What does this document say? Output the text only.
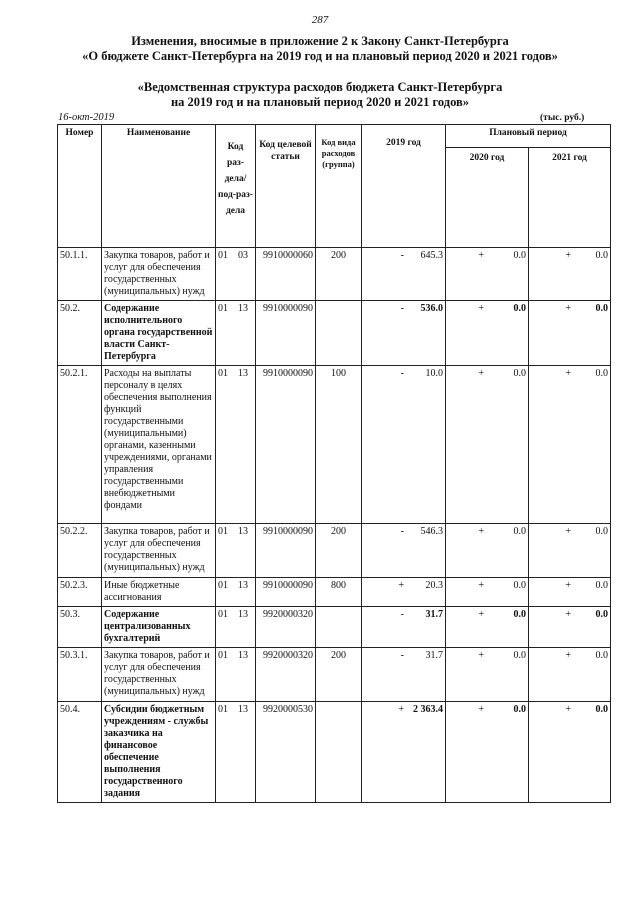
287
Изменения, вносимые в приложение 2 к Закону Санкт-Петербурга
«О бюджете Санкт-Петербурга на 2019 год и на плановый период 2020 и 2021 годов»
«Ведомственная структура расходов бюджета Санкт-Петербурга
на 2019 год и на плановый период 2020 и 2021 годов»
16-окт-2019	(тыс. руб.)
Номер	Наименование	Код раз-дела/ под-раз-дела	Код целевой статьи	Код вида расходов (группа)	2019 год	Плановый период	
						2020 год	2021 год
50.1.1.	Закупка товаров, работ и услуг для обеспечения государственных (муниципальных) нужд	01 03	9910000060	200	- 645.3	+ 0.0	+ 0.0

50.2.	Содержание исполнительного органа государственной власти Санкт-Петербурга	01 13	9910000090		- 536.0	+ 0.0	+ 0.0

50.2.1.	Расходы на выплаты персоналу в целях обеспечения выполнения функций государственными (муниципальными) органами, казенными учреждениями, органами управления государственными внебюджетными фондами	01 13	9910000090	100	- 10.0	+ 0.0	+ 0.0

50.2.2.	Закупка товаров, работ и услуг для обеспечения государственных (муниципальных) нужд	01 13	9910000090	200	- 546.3	+ 0.0	+ 0.0

50.2.3.	Иные бюджетные ассигнования	01 13	9910000090	800	+ 20.3	+ 0.0	+ 0.0

50.3.	Содержание централизованных бухгалтерий	01 13	9920000320		- 31.7	+ 0.0	+ 0.0

50.3.1.	Закупка товаров, работ и услуг для обеспечения государственных (муниципальных) нужд	01 13	9920000320	200	- 31.7	+ 0.0	+ 0.0

50.4.	Субсидии бюджетным учреждениям - службы заказчика на финансовое обеспечение выполнения государственного задания	01 13	9920000530		+ 2 363.4	+ 0.0	+ 0.0
